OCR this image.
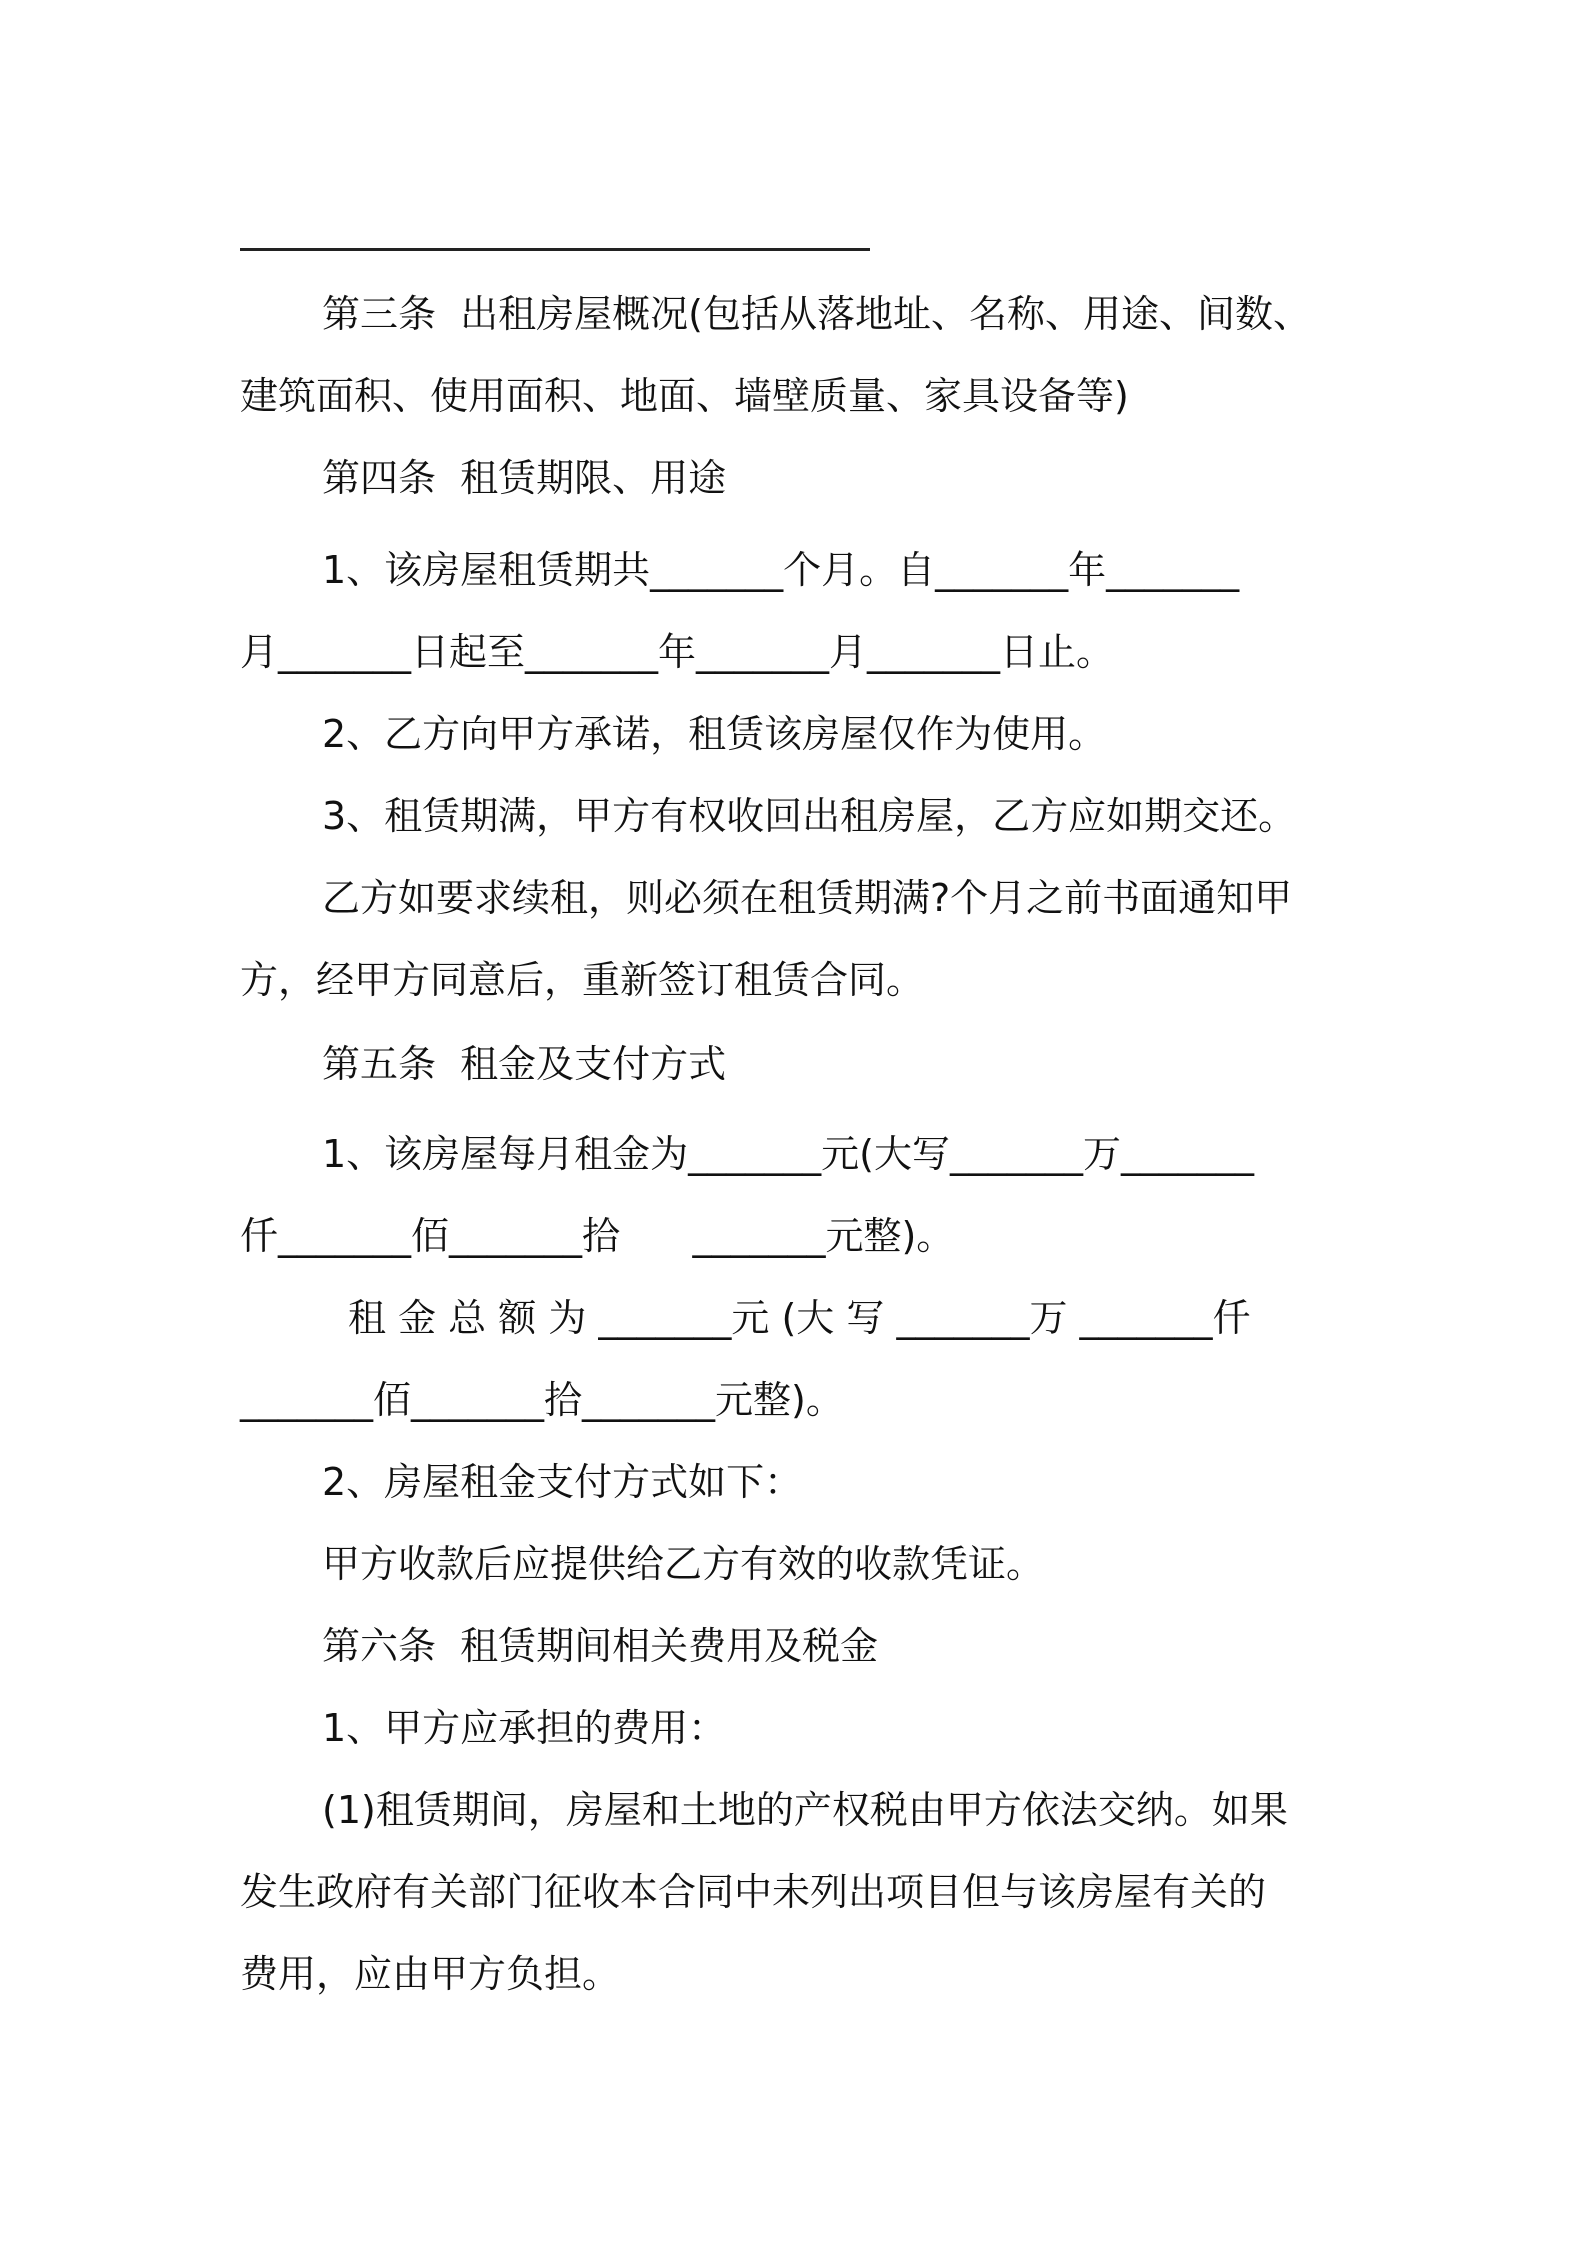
第三条  出租房屋概况(包括从落地址、名称、用途、间数、
建筑面积、使用面积、地面、墙壁质量、家具设备等)
第四条  租赁期限、用途
1、该房屋租赁期共_______个月。自_______年_______
月_______日起至_______年_______月_______日止。
2、乙方向甲方承诺，租赁该房屋仅作为使用。
3、租赁期满，甲方有权收回出租房屋，乙方应如期交还。
乙方如要求续租，则必须在租赁期满?个月之前书面通知甲
方，经甲方同意后，重新签订租赁合同。
第五条  租金及支付方式
1、该房屋每月租金为_______元(大写_______万_______
仟_______佰_______拾      _______元整)。
租 金 总 额 为 _______元 (大 写 _______万 _______仟
_______佰_______拾_______元整)。
2、房屋租金支付方式如下：
甲方收款后应提供给乙方有效的收款凭证。
第六条  租赁期间相关费用及税金
1、甲方应承担的费用：
(1)租赁期间，房屋和土地的产权税由甲方依法交纳。如果
发生政府有关部门征收本合同中未列出项目但与该房屋有关的
费用，应由甲方负担。
